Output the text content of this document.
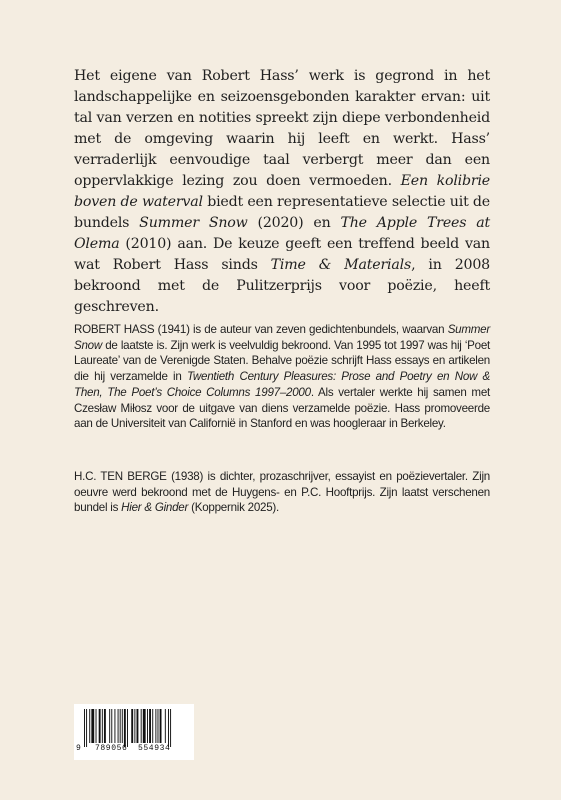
Het eigene van Robert Hass’ werk is gegrond in het landschappelijke en seizoensgebonden karakter ervan: uit tal van verzen en notities spreekt zijn diepe verbondenheid met de omgeving waarin hij leeft en werkt. Hass’ verraderlijk eenvoudige taal verbergt meer dan een oppervlakkige lezing zou doen vermoeden. Een kolibrie boven de waterval biedt een representatieve selectie uit de bundels Summer Snow (2020) en The Apple Trees at Olema (2010) aan. De keuze geeft een treffend beeld van wat Robert Hass sinds Time & Materials, in 2008 bekroond met de Pulitzerprijs voor poëzie, heeft geschreven.

ROBERT HASS (1941) is de auteur van zeven gedichtenbundels, waarvan Summer Snow de laatste is. Zijn werk is veelvuldig bekroond. Van 1995 tot 1997 was hij ‘Poet Laureate’ van de Verenigde Staten. Behalve poëzie schrijft Hass essays en artikelen die hij verzamelde in Twentieth Century Pleasures: Prose and Poetry en Now & Then, The Poet’s Choice Columns 1997–2000. Als vertaler werkte hij samen met Czesław Miłosz voor de uitgave van diens verzamelde poëzie. Hass promoveerde aan de Universiteit van Californië in Stanford en was hoogleraar in Berkeley.

H.C. TEN BERGE (1938) is dichter, prozaschrijver, essayist en poëzievertaler. Zijn oeuvre werd bekroond met de Huygens- en P.C. Hooftprijs. Zijn laatst verschenen bundel is Hier & Ginder (Koppernik 2025).

9 789056 554934
